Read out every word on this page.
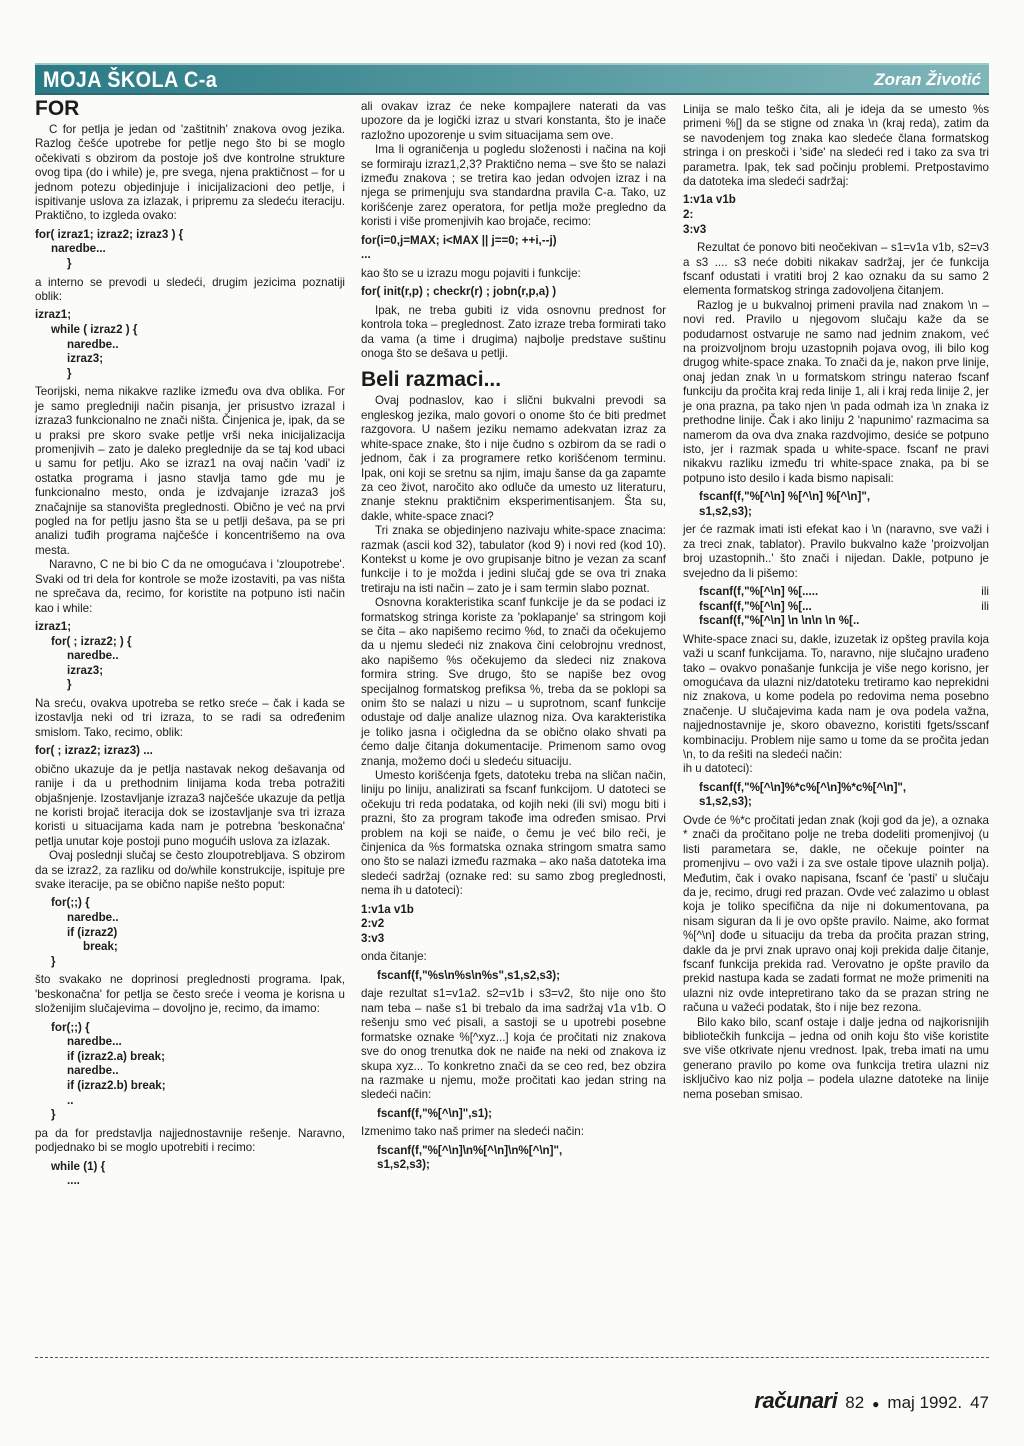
MOJA ŠKOLA C-a	Zoran Životić
FOR

C for petlja je jedan od 'zaštitnih' znakova ovog jezika. Razlog češće upotrebe for petlje nego što bi se moglo očekivati s obzirom da postoje još dve kontrolne strukture ovog tipa (do i while) je, pre svega, njena praktičnost – for u jednom potezu objedinjuje i inicijalizacioni deo petlje, i ispitivanje uslova za izlazak, i pripremu za sledeću iteraciju. Praktično, to izgleda ovako:

for( izraz1; izraz2; izraz3 ) {
naredbe...
}

a interno se prevodi u sledeći, drugim jezicima poznatiji oblik:

izraz1;
while ( izraz2 ) {
naredbe..
izraz3;
}

Teorijski, nema nikakve razlike između ova dva oblika. For je samo pregledniji način pisanja, jer prisustvo izrazaI i izraza3 funkcionalno ne znači ništa. Činjenica je, ipak, da se u praksi pre skoro svake petlje vrši neka inicijalizacija promenjivih – zato je daleko preglednije da se taj kod ubaci u samu for petlju. Ako se izraz1 na ovaj način 'vadi' iz ostatka programa i jasno stavlja tamo gde mu je funkcionalno mesto, onda je izdvajanje izraza3 još značajnije sa stanovišta preglednosti. Obično je već na prvi pogled na for petlju jasno šta se u petlji dešava, pa se pri analizi tuđih programa najčešće i koncentrišemo na ova mesta.

Naravno, C ne bi bio C da ne omogućava i 'zloupotrebe'. Svaki od tri dela for kontrole se može izostaviti, pa vas ništa ne sprečava da, recimo, for koristite na potpuno isti način kao i while:

izraz1;
for( ; izraz2; ) {
naredbe..
izraz3;
}

Na sreću, ovakva upotreba se retko sreće – čak i kada se izostavlja neki od tri izraza, to se radi sa određenim smislom. Tako, recimo, oblik:

for( ; izraz2; izraz3) ...

obično ukazuje da je petlja nastavak nekog dešavanja od ranije i da u prethodnim linijama koda treba potražiti objašnjenje. Izostavljanje izraza3 najčešće ukazuje da petlja ne koristi brojač iteracija dok se izostavljanje sva tri izraza koristi u situacijama kada nam je potrebna 'beskonačna' petlja unutar koje postoji puno mogućih uslova za izlazak.

Ovaj poslednji slučaj se često zloupotrebljava. S obzirom da se izraz2, za razliku od do/while konstrukcije, ispituje pre svake iteracije, pa se obično napiše nešto poput:

for(;;) {
naredbe..
if (izraz2)
break;
}

što svakako ne doprinosi preglednosti programa. Ipak, 'beskonačna' for petlja se često sreće i veoma je korisna u složenijim slučajevima – dovoljno je, recimo, da imamo:

for(;;) {
naredbe...
if (izraz2.a) break;
naredbe..
if (izraz2.b) break;
..
}

pa da for predstavlja najjednostavnije rešenje. Naravno, podjednako bi se moglo upotrebiti i recimo:

while (1) {
....

ali ovakav izraz će neke kompajlere naterati da vas upozore da je logički izraz u stvari konstanta, što je inače razložno upozorenje u svim situacijama sem ove.

Ima li ograničenja u pogledu složenosti i načina na koji se formiraju izraz1,2,3? Praktično nema – sve što se nalazi između znakova ; se tretira kao jedan odvojen izraz i na njega se primenjuju sva standardna pravila C-a. Tako, uz korišćenje zarez operatora, for petlja može pregledno da koristi i više promenjivih kao brojače, recimo:

for(i=0,j=MAX; i<MAX || j==0; ++i,--j)
...

kao što se u izrazu mogu pojaviti i funkcije:

for( init(r,p) ; checkr(r) ; jobn(r,p,a) )

Ipak, ne treba gubiti iz vida osnovnu prednost for kontrola toka – preglednost. Zato izraze treba formirati tako da vama (a time i drugima) najbolje predstave suštinu onoga što se dešava u petlji.

Beli razmaci...

Ovaj podnaslov, kao i slični bukvalni prevodi sa engleskog jezika, malo govori o onome što će biti predmet razgovora. U našem jeziku nemamo adekvatan izraz za white-space znake, što i nije čudno s ozbirom da se radi o jednom, čak i za programere retko korišćenom terminu. Ipak, oni koji se sretnu sa njim, imaju šanse da ga zapamte za ceo život, naročito ako odluče da umesto uz literaturu, znanje steknu praktičnim eksperimentisanjem. Šta su, dakle, white-space znaci?

Tri znaka se objedinjeno nazivaju white-space znacima: razmak (ascii kod 32), tabulator (kod 9) i novi red (kod 10). Kontekst u kome je ovo grupisanje bitno je vezan za scanf funkcije i to je možda i jedini slučaj gde se ova tri znaka tretiraju na isti način – zato je i sam termin slabo poznat.

Osnovna korakteristika scanf funkcije je da se podaci iz formatskog stringa koriste za 'poklapanje' sa stringom koji se čita – ako napišemo recimo %d, to znači da očekujemo da u njemu sledeći niz znakova čini celobrojnu vrednost, ako napišemo %s očekujemo da sledeci niz znakova formira string. Sve drugo, što se napiše bez ovog specijalnog formatskog prefiksa %, treba da se poklopi sa onim što se nalazi u nizu – u suprotnom, scanf funkcije odustaje od dalje analize ulaznog niza. Ova karakteristika je toliko jasna i očigledna da se obično olako shvati pa ćemo dalje čitanja dokumentacije. Primenom samo ovog znanja, možemo doći u sledeću situaciju.

Umesto korišćenja fgets, datoteku treba na sličan način, liniju po liniju, analizirati sa fscanf funkcijom. U datoteci se očekuju tri reda podataka, od kojih neki (ili svi) mogu biti i prazni, što za program takođe ima određen smisao. Prvi problem na koji se naiđe, o čemu je već bilo reči, je činjenica da %s formatska oznaka stringom smatra samo ono što se nalazi između razmaka – ako naša datoteka ima sledeći sadržaj (oznake red: su samo zbog preglednosti, nema ih u datoteci):

1:v1a v1b
2:v2
3:v3

onda čitanje:

fscanf(f,"%s\n%s\n%s",s1,s2,s3);

daje rezultat s1=v1a2. s2=v1b i s3=v2, što nije ono što nam teba – naše s1 bi trebalo da ima sadržaj v1a v1b. O rešenju smo već pisali, a sastoji se u upotrebi posebne formatske oznake %[^xyz...] koja će pročitati niz znakova sve do onog trenutka dok ne naiđe na neki od znakova iz skupa xyz... To konkretno znači da se ceo red, bez obzira na razmake u njemu, može pročitati kao jedan string na sledeći način:

fscanf(f,"%[^\n]",s1);

Izmenimo tako naš primer na sledeći način:

fscanf(f,"%[^\n]\n%[^\n]\n%[^\n]",
s1,s2,s3);

Linija se malo teško čita, ali je ideja da se umesto %s primeni %[] da se stigne od znaka \n (kraj reda), zatim da se navodenjem tog znaka kao sledeće člana formatskog stringa i on preskoči i 'siđe' na sledeći red i tako za sva tri parametra. Ipak, tek sad počinju problemi. Pretpostavimo da datoteka ima sledeći sadržaj:

1:v1a v1b
2:
3:v3

Rezultat će ponovo biti neočekivan – s1=v1a v1b, s2=v3 a s3 .... s3 neće dobiti nikakav sadržaj, jer će funkcija fscanf odustati i vratiti broj 2 kao oznaku da su samo 2 elementa formatskog stringa zadovoljena čitanjem.

Razlog je u bukvalnoj primeni pravila nad znakom \n – novi red. Pravilo u njegovom slučaju kaže da se podudarnost ostvaruje ne samo nad jednim znakom, već na proizvoljnom broju uzastopnih pojava ovog, ili bilo kog drugog white-space znaka. To znači da je, nakon prve linije, onaj jedan znak \n u formatskom stringu naterao fscanf funkciju da pročita kraj reda linije 1, ali i kraj reda linije 2, jer je ona prazna, pa tako njen \n pada odmah iza \n znaka iz prethodne linije. Čak i ako liniju 2 'napunimo' razmacima sa namerom da ova dva znaka razdvojimo, desiće se potpuno isto, jer i razmak spada u white-space. fscanf ne pravi nikakvu razliku između tri white-space znaka, pa bi se potpuno isto desilo i kada bismo napisali:

fscanf(f,"%[^\n] %[^\n] %[^\n]",
s1,s2,s3);

jer će razmak imati isti efekat kao i \n (naravno, sve važi i za treci znak, tablator). Pravilo bukvalno kaže 'proizvoljan broj uzastopnih..' što znači i nijedan. Dakle, potpuno je svejedno da li pišemo:

fscanf(f,"%[^\n] %[.....	ili
fscanf(f,"%[^\n] %[...	ili
fscanf(f,"%[^\n] \n \n\n \n %[..

White-space znaci su, dakle, izuzetak iz opšteg pravila koja važi u scanf funkcijama. To, naravno, nije slučajno urađeno tako – ovakvo ponašanje funkcija je više nego korisno, jer omogućava da ulazni niz/datoteku tretiramo kao neprekidni niz znakova, u kome podela po redovima nema posebno značenje. U slučajevima kada nam je ova podela važna, najjednostavnije je, skoro obavezno, koristiti fgets/sscanf kombinaciju. Problem nije samo u tome da se pročita jedan \n, to da rešiti na sledeći način:

ih u datoteci):

fscanf(f,"%[^\n]%*c%[^\n]%*c%[^\n]",
s1,s2,s3);

Ovde će %*c pročitati jedan znak (koji god da je), a oznaka * znači da pročitano polje ne treba dodeliti promenjivoj (u listi parametara se, dakle, ne očekuje pointer na promenjivu – ovo važi i za sve ostale tipove ulaznih polja). Međutim, čak i ovako napisana, fscanf će 'pasti' u slučaju da je, recimo, drugi red prazan. Ovde već zalazimo u oblast koja je toliko specifična da nije ni dokumentovana, pa nisam siguran da li je ovo opšte pravilo. Naime, ako format %[^\n] dođe u situaciju da treba da pročita prazan string, dakle da je prvi znak upravo onaj koji prekida dalje čitanje, fscanf funkcija prekida rad. Verovatno je opšte pravilo da prekid nastupa kada se zadati format ne može primeniti na ulazni niz ovde intepretirano tako da se prazan string ne računa u važeći podatak, što i nije bez rezona.

Bilo kako bilo, scanf ostaje i dalje jedna od najkorisnijih bibliotečkih funkcija – jedna od onih koju što više koristite sve više otkrivate njenu vrednost. Ipak, treba imati na umu generano pravilo po kome ova funkcija tretira ulazni niz isključivo kao niz polja – podela ulazne datoteke na linije nema poseban smisao.

računari 82 ● maj 1992. 47
